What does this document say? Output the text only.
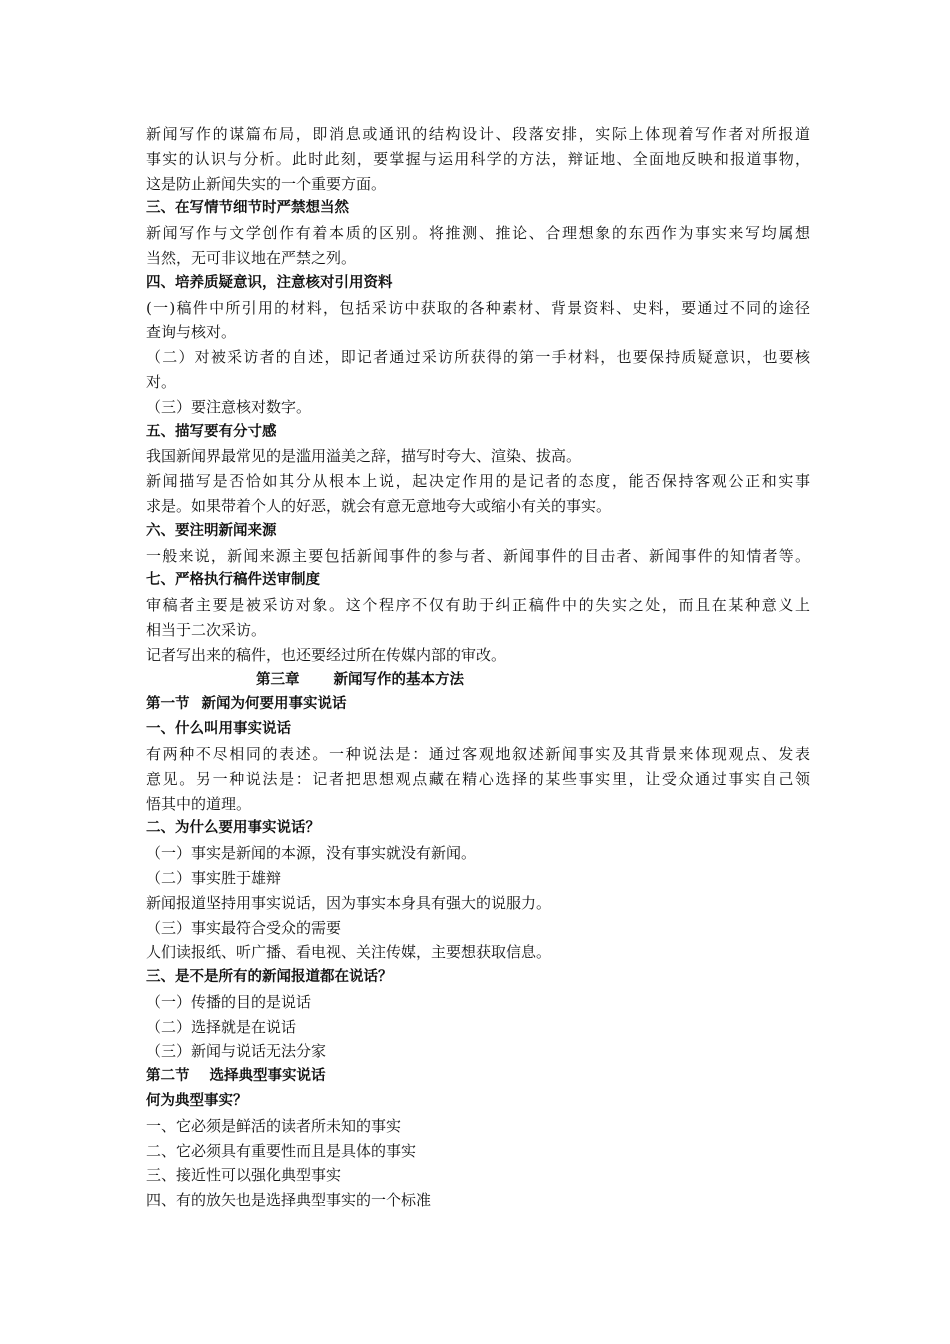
新闻写作的谋篇布局，即消息或通讯的结构设计、段落安排，实际上体现着写作者对所报道
事实的认识与分析。此时此刻，要掌握与运用科学的方法，辩证地、全面地反映和报道事物，
这是防止新闻失实的一个重要方面。
三、在写情节细节时严禁想当然
新闻写作与文学创作有着本质的区别。将推测、推论、合理想象的东西作为事实来写均属想
当然，无可非议地在严禁之列。
四、培养质疑意识，注意核对引用资料
(一)稿件中所引用的材料，包括采访中获取的各种素材、背景资料、史料，要通过不同的途径
查询与核对。
（二）对被采访者的自述，即记者通过采访所获得的第一手材料，也要保持质疑意识，也要核
对。
（三）要注意核对数字。
五、描写要有分寸感
我国新闻界最常见的是滥用溢美之辞，描写时夸大、渲染、拔高。
新闻描写是否恰如其分从根本上说，起决定作用的是记者的态度，能否保持客观公正和实事
求是。如果带着个人的好恶，就会有意无意地夸大或缩小有关的事实。
六、要注明新闻来源
一般来说，新闻来源主要包括新闻事件的参与者、新闻事件的目击者、新闻事件的知情者等。
七、严格执行稿件送审制度
审稿者主要是被采访对象。这个程序不仅有助于纠正稿件中的失实之处，而且在某种意义上
相当于二次采访。
记者写出来的稿件，也还要经过所在传媒内部的审改。
第三章 新闻写作的基本方法
第一节 新闻为何要用事实说话
一、什么叫用事实说话
有两种不尽相同的表述。一种说法是：通过客观地叙述新闻事实及其背景来体现观点、发表
意见。另一种说法是：记者把思想观点藏在精心选择的某些事实里，让受众通过事实自己领
悟其中的道理。
二、为什么要用事实说话？
（一）事实是新闻的本源，没有事实就没有新闻。
（二）事实胜于雄辩
新闻报道坚持用事实说话，因为事实本身具有强大的说服力。
（三）事实最符合受众的需要
人们读报纸、听广播、看电视、关注传媒，主要想获取信息。
三、是不是所有的新闻报道都在说话？
（一）传播的目的是说话
（二）选择就是在说话
（三）新闻与说话无法分家
第二节 选择典型事实说话
何为典型事实？
一、它必须是鲜活的读者所未知的事实
二、它必须具有重要性而且是具体的事实
三、接近性可以强化典型事实
四、有的放矢也是选择典型事实的一个标准
